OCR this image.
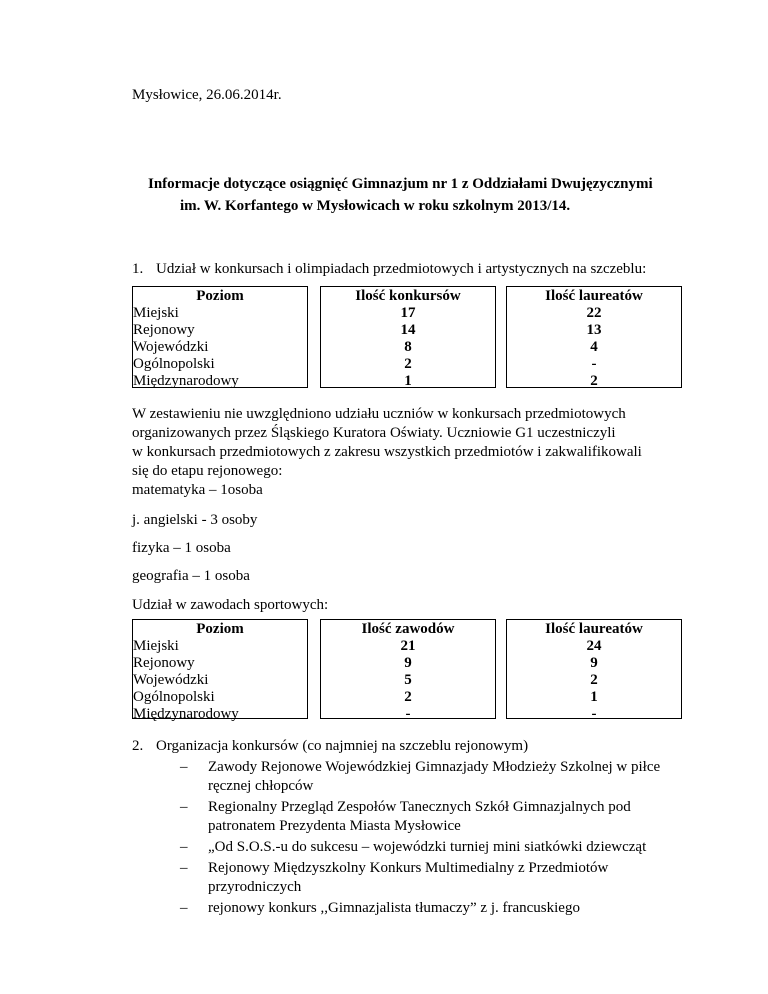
Mysłowice, 26.06.2014r.
Informacje dotyczące osiągnięć Gimnazjum nr 1 z Oddziałami Dwujęzycznymi
im. W. Korfantego w Mysłowicach w roku szkolnym 2013/14.
1. Udział w konkursach i olimpiadach przedmiotowych i artystycznych na szczeblu:
Poziom
Miejski
Rejonowy
Wojewódzki
Ogólnopolski
Międzynarodowy
Ilość konkursów
17
14
8
2
1
Ilość laureatów
22
13
4
-
2
W zestawieniu nie uwzględniono udziału uczniów w konkursach przedmiotowych
organizowanych przez Śląskiego Kuratora Oświaty. Uczniowie G1 uczestniczyli
w konkursach przedmiotowych z zakresu wszystkich przedmiotów i zakwalifikowali
się do etapu rejonowego:
matematyka – 1osoba
j. angielski - 3 osoby
fizyka – 1 osoba
geografia – 1 osoba
Udział w zawodach sportowych:
Poziom
Miejski
Rejonowy
Wojewódzki
Ogólnopolski
Międzynarodowy
Ilość zawodów
21
9
5
2
-
Ilość laureatów
24
9
2
1
-
2. Organizacja konkursów (co najmniej na szczeblu rejonowym)
– Zawody Rejonowe Wojewódzkiej Gimnazjady Młodzieży Szkolnej w piłce ręcznej chłopców
– Regionalny Przegląd Zespołów Tanecznych Szkół Gimnazjalnych pod patronatem Prezydenta Miasta Mysłowice
– „Od S.O.S.-u do sukcesu – wojewódzki turniej mini siatkówki dziewcząt
– Rejonowy Międzyszkolny Konkurs Multimedialny z Przedmiotów przyrodniczych
– rejonowy konkurs ,,Gimnazjalista tłumaczy” z j. francuskiego
